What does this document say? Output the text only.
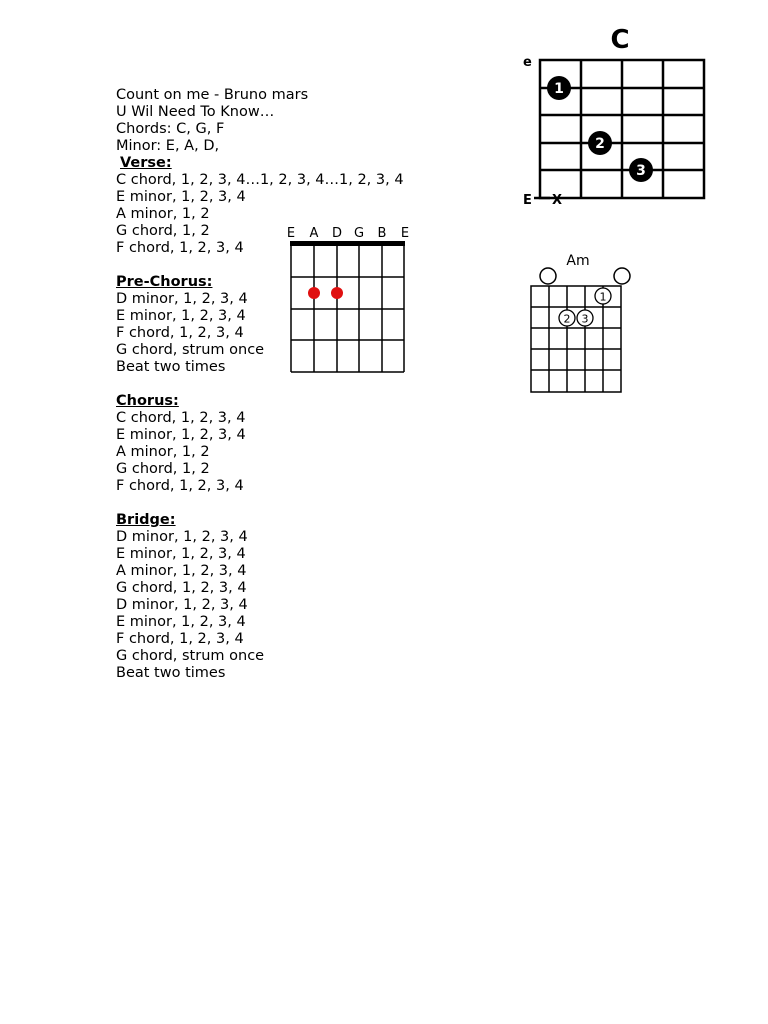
Count on me - Bruno mars
U Wil Need To Know…
Chords: C, G, F
Minor: E, A, D,
Verse:
C chord, 1, 2, 3, 4…1, 2, 3, 4…1, 2, 3, 4
E minor, 1, 2, 3, 4
A minor, 1, 2
G chord, 1, 2
F chord, 1, 2, 3, 4
Pre-Chorus:
D minor, 1, 2, 3, 4
E minor, 1, 2, 3, 4
F chord, 1, 2, 3, 4
G chord, strum once
Beat two times
Chorus:
C chord, 1, 2, 3, 4
E minor, 1, 2, 3, 4
A minor, 1, 2
G chord, 1, 2
F chord, 1, 2, 3, 4
Bridge:
D minor, 1, 2, 3, 4
E minor, 1, 2, 3, 4
A minor, 1, 2, 3, 4
G chord, 1, 2, 3, 4
D minor, 1, 2, 3, 4
E minor, 1, 2, 3, 4
F chord, 1, 2, 3, 4
G chord, strum once
Beat two times
E A D G B E
C
e
E X
1
2
3
Am
1
2 3
